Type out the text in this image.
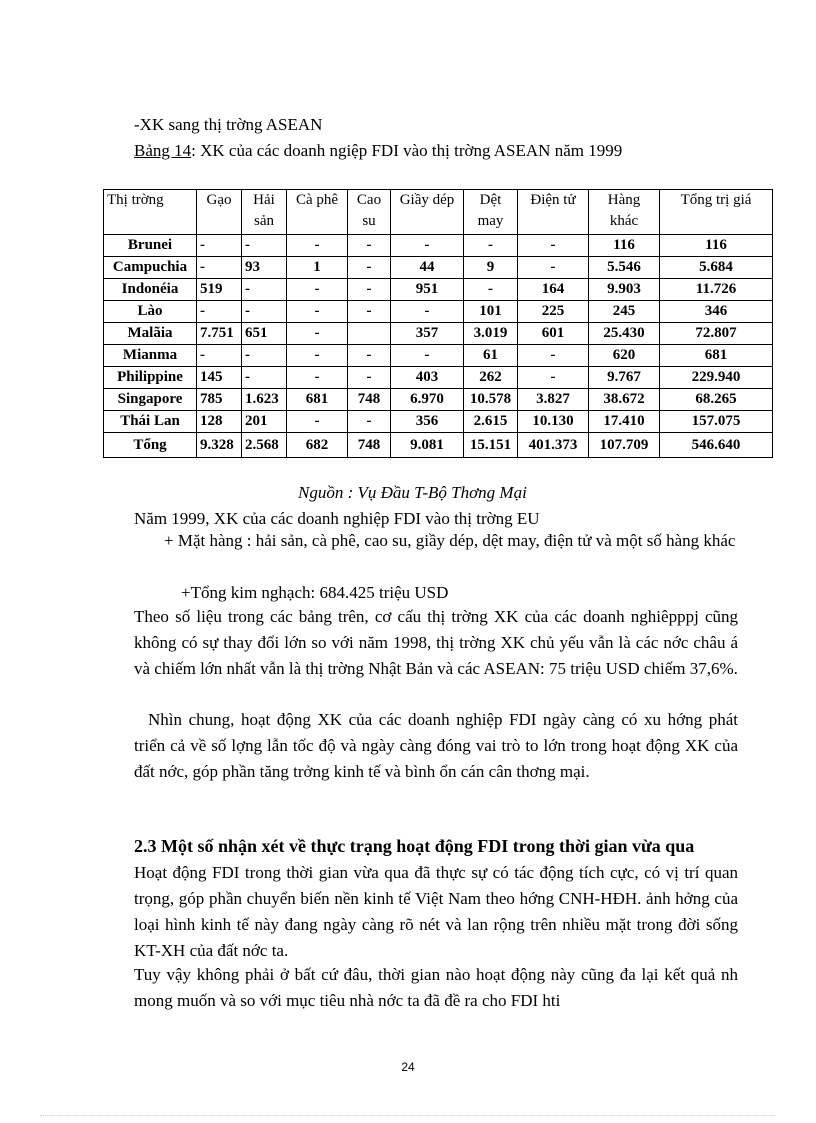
-XK sang thị trờng ASEAN
Bảng 14: XK của các doanh ngiệp FDI vào thị trờng ASEAN năm 1999
Thị trờng	Gạo	Hải sản	Cà phê	Cao su	Giầy dép	Dệt may	Điện tử	Hàng khác	Tổng trị giá
Brunei	-	-	-	-	-	-	-	116	116
Campuchia	-	93	1	-	44	9	-	5.546	5.684
Indonéia	519	-	-	-	951	-	164	9.903	11.726
Lào	-	-	-	-	-	101	225	245	346
Malãia	7.751	651	-		357	3.019	601	25.430	72.807
Mianma	-	-	-	-	-	61	-	620	681
Philippine	145	-	-	-	403	262	-	9.767	229.940
Singapore	785	1.623	681	748	6.970	10.578	3.827	38.672	68.265
Thái Lan	128	201	-	-	356	2.615	10.130	17.410	157.075
Tổng	9.328	2.568	682	748	9.081	15.151	401.373	107.709	546.640
Nguồn : Vụ Đầu T-Bộ Thơng Mại
Năm 1999, XK của các doanh nghiệp FDI vào thị trờng EU
+ Mặt hàng : hải sản, cà phê, cao su, giầy dép, dệt may, điện tử và một số hàng khác
+Tổng kim nghạch: 684.425 triệu USD
Theo số liệu trong các bảng trên, cơ cấu thị trờng XK của các doanh nghiêpppj cũng không có sự thay đổi lớn so với năm 1998, thị trờng XK chủ yếu vẫn là các nớc châu á và chiếm lớn nhất vẫn là thị trờng Nhật Bản và các ASEAN: 75 triệu USD chiếm 37,6%.
Nhìn chung, hoạt động XK của các doanh nghiệp FDI ngày càng có xu hớng phát triển cả về số lợng lẫn tốc độ và ngày càng đóng vai trò to lớn trong hoạt động XK của đất nớc, góp phần tăng trởng kinh tế và bình ổn cán cân thơng mại.
2.3 Một số nhận xét về thực trạng hoạt động FDI trong thời gian vừa qua
Hoạt động FDI trong thời gian vừa qua đã thực sự có tác động tích cực, có vị trí quan trọng, góp phần chuyển biến nền kinh tế Việt Nam theo hớng CNH-HĐH. ảnh hởng của loại hình kinh tế này đang ngày càng rõ nét và lan rộng trên nhiều mặt trong đời sống KT-XH của đất nớc ta.
Tuy vậy không phải ở bất cứ đâu, thời gian nào hoạt động này cũng đa lại kết quả nh mong muốn và so với mục tiêu nhà nớc ta đã đề ra cho FDI hti
24
